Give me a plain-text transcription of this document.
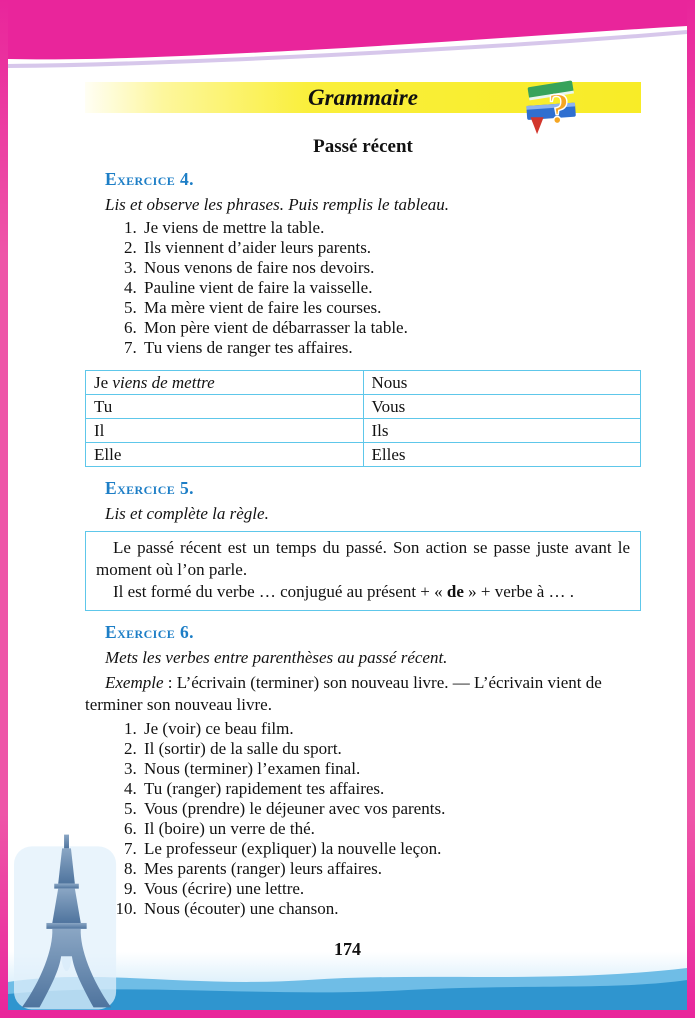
Grammaire	?
Passé récent
Exercice 4.
Lis et observe les phrases. Puis remplis le tableau.
1. Je viens de mettre la table.
2. Ils viennent d’aider leurs parents.
3. Nous venons de faire nos devoirs.
4. Pauline vient de faire la vaisselle.
5. Ma mère vient de faire les courses.
6. Mon père vient de débarrasser la table.
7. Tu viens de ranger tes affaires.
Je viens de mettre	Nous
Tu	Vous
Il	Ils
Elle	Elles
Exercice 5.
Lis et complète la règle.

Le passé récent est un temps du passé. Son action se passe juste avant le moment où l’on parle.

Il est formé du verbe … conjugué au présent + « de » + verbe à … .

Exercice 6.
Mets les verbes entre parenthèses au passé récent.

Exemple : L’écrivain (terminer) son nouveau livre. — L’écrivain vient de terminer son nouveau livre.

1. Je (voir) ce beau film.
2. Il (sortir) de la salle du sport.
3. Nous (terminer) l’examen final.
4. Tu (ranger) rapidement tes affaires.
5. Vous (prendre) le déjeuner avec vos parents.
6. Il (boire) un verre de thé.
7. Le professeur (expliquer) la nouvelle leçon.
8. Mes parents (ranger) leurs affaires.
9. Vous (écrire) une lettre.
10. Nous (écouter) une chanson.
174
